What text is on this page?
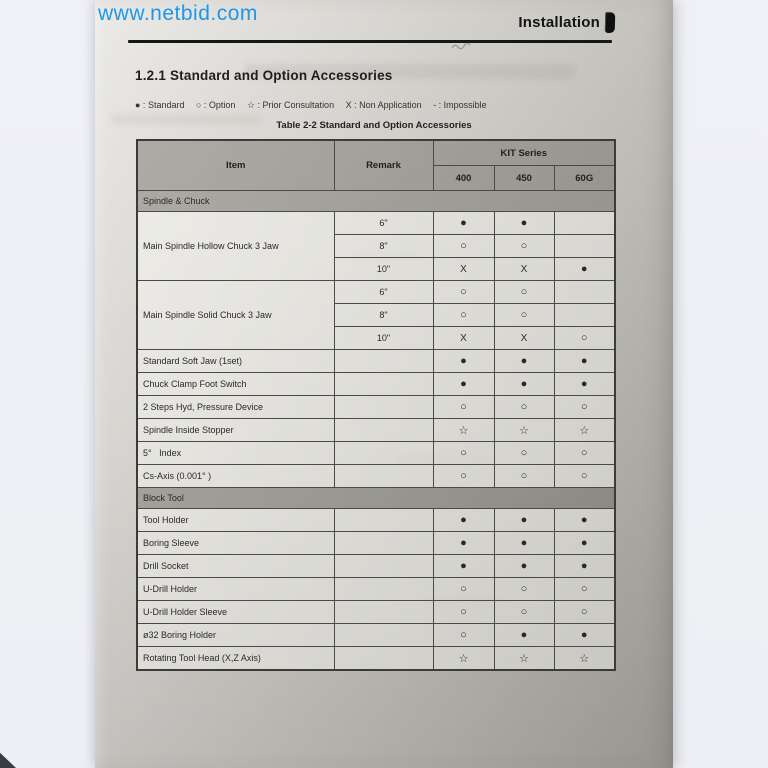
www.netbid.com	Installation
1.2.1 Standard and Option Accessories
● : Standard ○ : Option ☆ : Prior Consultation X : Non Application - : Impossible
Table 2-2 Standard and Option Accessories
Item	Remark	KIT Series		
		400	450	60G
Spindle & Chuck				
Main Spindle Hollow Chuck 3 Jaw	6"	●	●	
	8"	○	○	
	10"	X	X	●
Main Spindle Solid Chuck 3 Jaw	6"	○	○	
	8"	○	○	
	10"	X	X	○
Standard Soft Jaw (1set)		●	●	●
Chuck Clamp Foot Switch		●	●	●
2 Steps Hyd, Pressure Device		○	○	○
Spindle Inside Stopper		☆	☆	☆
5°   Index		○	○	○
Cs-Axis (0.001° )		○	○	○
Block Tool				
Tool Holder		●	●	●
Boring Sleeve		●	●	●
Drill Socket		●	●	●
U-Drill Holder		○	○	○
U-Drill Holder Sleeve		○	○	○
ø32 Boring Holder		○	●	●
Rotating Tool Head (X,Z Axis)		☆	☆	☆
